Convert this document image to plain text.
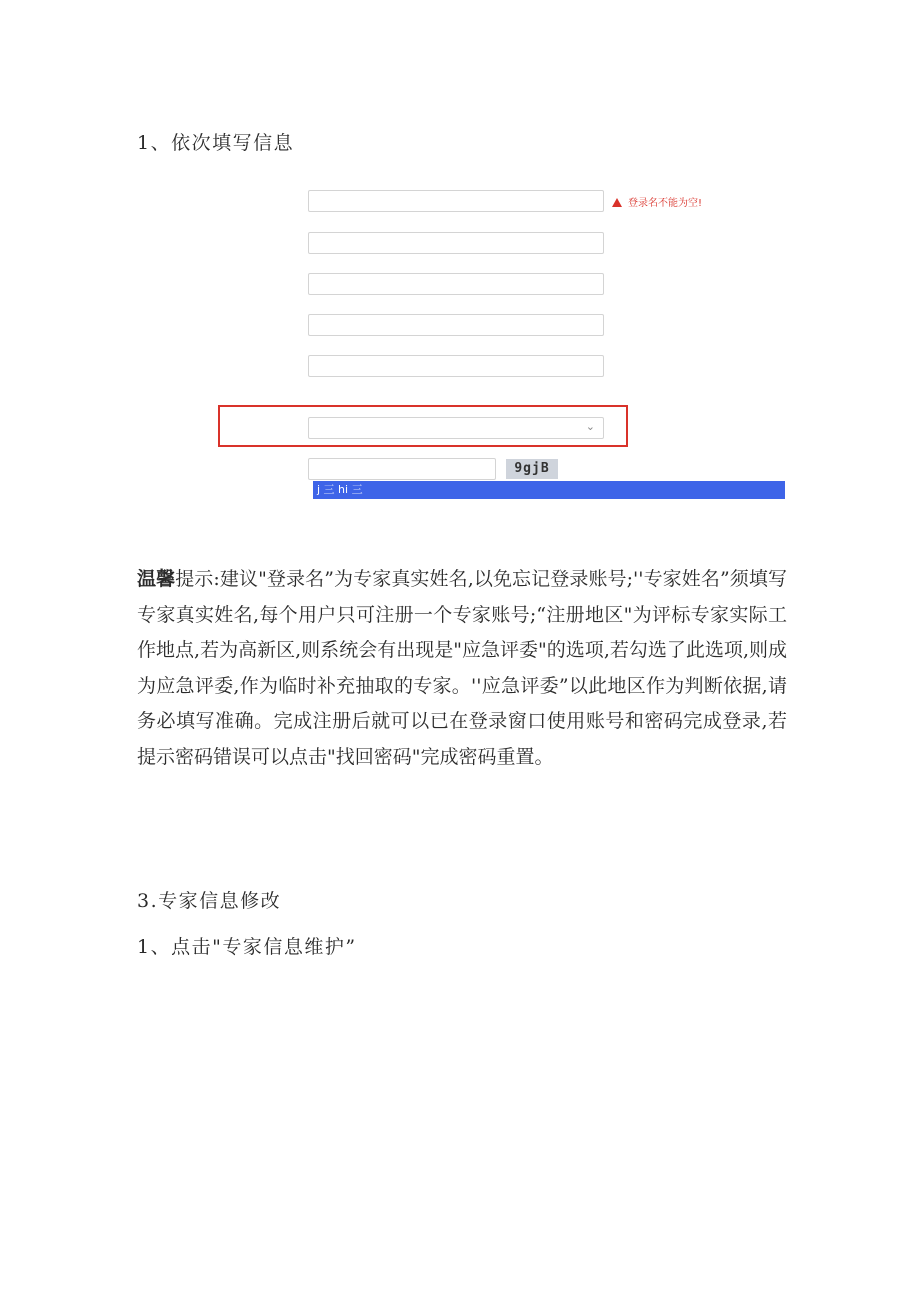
1、依次填写信息
登录名不能为空!
⌄
9gjB
j 三 hi 三
温馨提示:建议"登录名”为专家真实姓名,以免忘记登录账号;''专家姓名”须填写专家真实姓名,每个用户只可注册一个专家账号;“注册地区"为评标专家实际工作地点,若为高新区,则系统会有出现是"应急评委"的选项,若勾选了此选项,则成为应急评委,作为临时补充抽取的专家。''应急评委”以此地区作为判断依据,请务必填写准确。完成注册后就可以已在登录窗口使用账号和密码完成登录,若提示密码错误可以点击"找回密码"完成密码重置。
3.专家信息修改
1、点击"专家信息维护”
